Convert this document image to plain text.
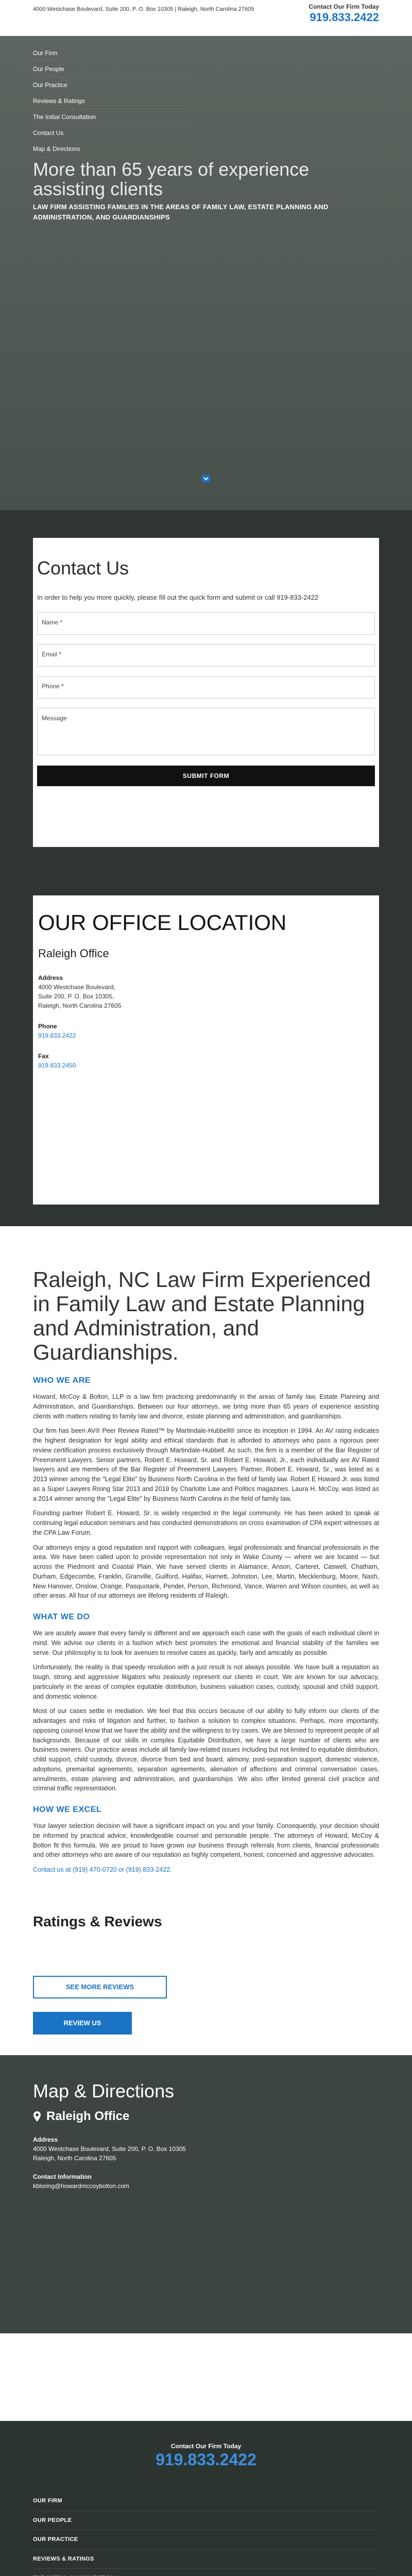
4000 Westchase Boulevard, Suite 200, P. O. Box 10305 | Raleigh, North Carolina 27605	Contact Our Firm Today
919.833.2422
Our Firm
Our People
Our Practice
Reviews & Ratings
The Initial Consultation
Contact Us
Map & Directions
More than 65 years of experience assisting clients
LAW FIRM ASSISTING FAMILIES IN THE AREAS OF FAMILY LAW, ESTATE PLANNING AND ADMINISTRATION, AND GUARDIANSHIPS
Contact Us

In order to help you more quickly, please fill out the quick form and submit or call 919-833-2422

Name *
Email *
Phone *
Message
SUBMIT FORM
OUR OFFICE LOCATION
Raleigh Office
Address
4000 Westchase Boulevard,
Suite 200, P. O. Box 10305,
Raleigh, North Carolina 27605
Phone
919.833.2422
Fax
919.833.2450
Raleigh, NC Law Firm Experienced in Family Law and Estate Planning and Administration, and Guardianships.
WHO WE ARE

Howard, McCoy & Bolton, LLP is a law firm practicing predominantly in the areas of family law, Estate Planning and Administration, and Guardianships. Between our four attorneys, we bring more than 65 years of experience assisting clients with matters relating to family law and divorce, estate planning and administration, and guardianships.

Our firm has been AV® Peer Review Rated™ by Martindale-Hubbell® since its inception in 1994. An AV rating indicates the highest designation for legal ability and ethical standards that is afforded to attorneys who pass a rigorous peer review certification process exclusively through Martindale-Hubbell. As such, the firm is a member of the Bar Register of Preeminent Lawyers. Senior partners, Robert E. Howard, Sr. and Robert E. Howard, Jr., each individually are AV Rated lawyers and are members of the Bar Register of Preeminent Lawyers. Partner, Robert E. Howard, Sr., was listed as a 2013 winner among the "Legal Elite" by Business North Carolina in the field of family law. Robert E Howard Jr. was listed as a Super Lawyers Rising Star 2013 and 2019 by Charlotte Law and Politics magazines. Laura H. McCoy, was listed as a 2014 winner among the "Legal Elite" by Business North Carolina in the field of family law.

Founding partner Robert E. Howard, Sr. is widely respected in the legal community. He has been asked to speak at continuing legal education seminars and has conducted demonstrations on cross examination of CPA expert witnesses at the CPA Law Forum.

Our attorneys enjoy a good reputation and rapport with colleagues, legal professionals and financial professionals in the area. We have been called upon to provide representation not only in Wake County — where we are located — but across the Piedmont and Coastal Plain. We have served clients in Alamance, Anson, Carteret, Caswell, Chatham, Durham, Edgecombe, Franklin, Granville, Guilford, Halifax, Harnett, Johnston, Lee, Martin, Mecklenburg, Moore, Nash, New Hanover, Onslow, Orange, Pasquotank, Pender, Person, Richmond, Vance, Warren and Wilson counties, as well as other areas. All four of our attorneys are lifelong residents of Raleigh.

WHAT WE DO

We are acutely aware that every family is different and we approach each case with the goals of each individual client in mind. We advise our clients in a fashion which best promotes the emotional and financial stability of the families we serve. Our philosophy is to look for avenues to resolve cases as quickly, fairly and amicably as possible.

Unfortunately, the reality is that speedy resolution with a just result is not always possible. We have built a reputation as tough, strong and aggressive litigators who zealously represent our clients in court. We are known for our advocacy, particularly in the areas of complex equitable distribution, business valuation cases, custody, spousal and child support, and domestic violence.

Most of our cases settle in mediation. We feel that this occurs because of our ability to fully inform our clients of the advantages and risks of litigation and further, to fashion a solution to complex situations. Perhaps, more importantly, opposing counsel know that we have the ability and the willingness to try cases. We are blessed to represent people of all backgrounds. Because of our skills in complex Equitable Distribution, we have a large number of clients who are business owners. Our practice areas include all family law-related issues including but not limited to equitable distribution, child support, child custody, divorce, divorce from bed and board, alimony, post-separation support, domestic violence, adoptions, premarital agreements, separation agreements, alienation of affections and criminal conversation cases, annulments, estate planning and administration, and guardianships. We also offer limited general civil practice and criminal traffic representation.

HOW WE EXCEL

Your lawyer selection decision will have a significant impact on you and your family. Consequently, your decision should be informed by practical advice, knowledgeable counsel and personable people. The attorneys of Howard, McCoy & Bolton fit this formula. We are proud to have grown our business through referrals from clients, financial professionals and other attorneys who are aware of our reputation as highly competent, honest, concerned and aggressive advocates.

Contact us at (919) 470-0720 or (919) 833-2422.

Ratings & Reviews
SEE MORE REVIEWS
REVIEW US
Map & Directions
Raleigh Office
Address
4000 Westchase Boulevard, Suite 200, P. O. Box 10305
Raleigh, North Carolina 27605
Contact Information
kbloring@howardmccoybolton.com
Contact Our Firm Today
919.833.2422
OUR FIRM
OUR PEOPLE
OUR PRACTICE
REVIEWS & RATINGS
